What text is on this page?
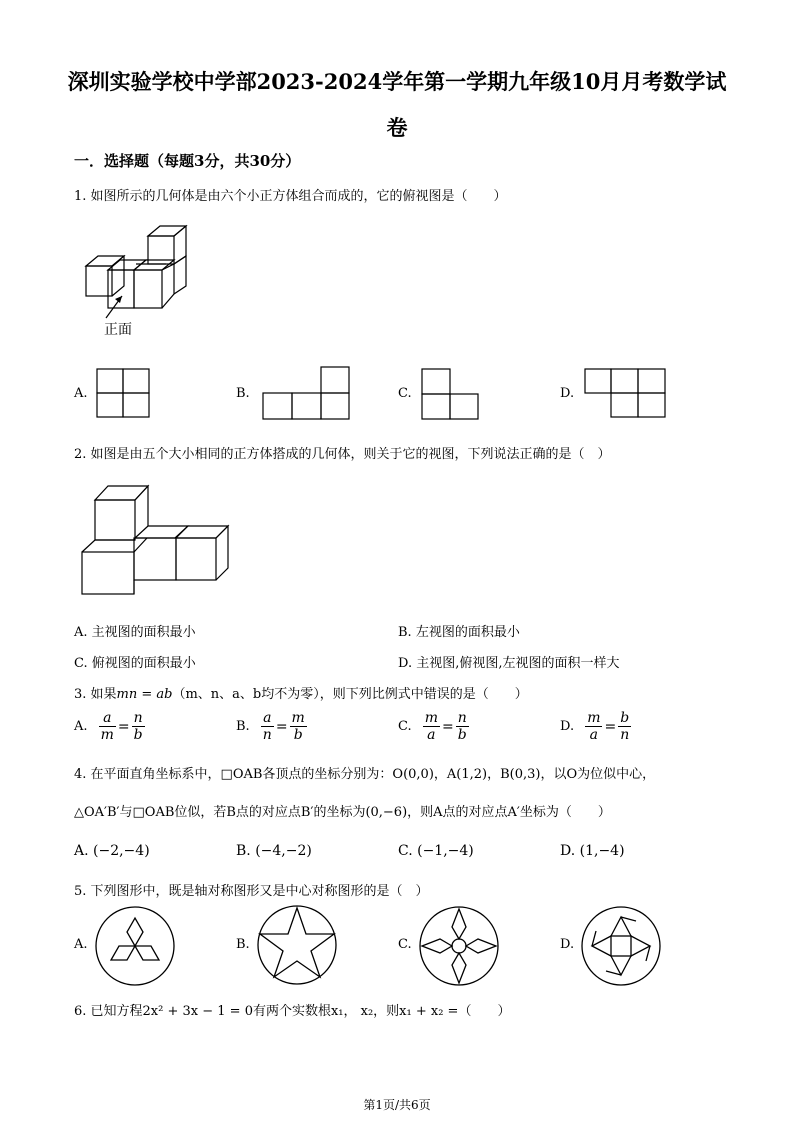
深圳实验学校中学部2023-2024学年第一学期九年级10月月考数学试
卷
一．选择题（每题3分，共30分）
1. 如图所示的几何体是由六个小正方体组合而成的，它的俯视图是（　　）
正面
A.	B.	C.	D.
2. 如图是由五个大小相同的正方体搭成的几何体，则关于它的视图，下列说法正确的是（　）
A. 主视图的面积最小	B. 左视图的面积最小
C. 俯视图的面积最小	D. 主视图,俯视图,左视图的面积一样大
3. 如果mn = ab（m、n、a、b均不为零），则下列比例式中错误的是（　　）
A. $\frac{a}{m} = \frac{n}{b}$	B. $\frac{a}{n} = \frac{m}{b}$	C. $\frac{m}{a} = \frac{n}{b}$	D. $\frac{m}{a} = \frac{b}{n}$
4. 在平面直角坐标系中，□OAB各顶点的坐标分别为：O(0,0)，A(1,2)，B(0,3)，以O为位似中心，
△OA′B′与□OAB位似，若B点的对应点B′的坐标为(0,−6)，则A点的对应点A′坐标为（　　）
A. (−2,−4)	B. (−4,−2)	C. (−1,−4)	D. (1,−4)
5. 下列图形中，既是轴对称图形又是中心对称图形的是（　）
A.	B.	C.	D.
6. 已知方程2x² + 3x − 1 = 0有两个实数根x₁， x₂，则x₁ + x₂ =（　　）
第1页/共6页
